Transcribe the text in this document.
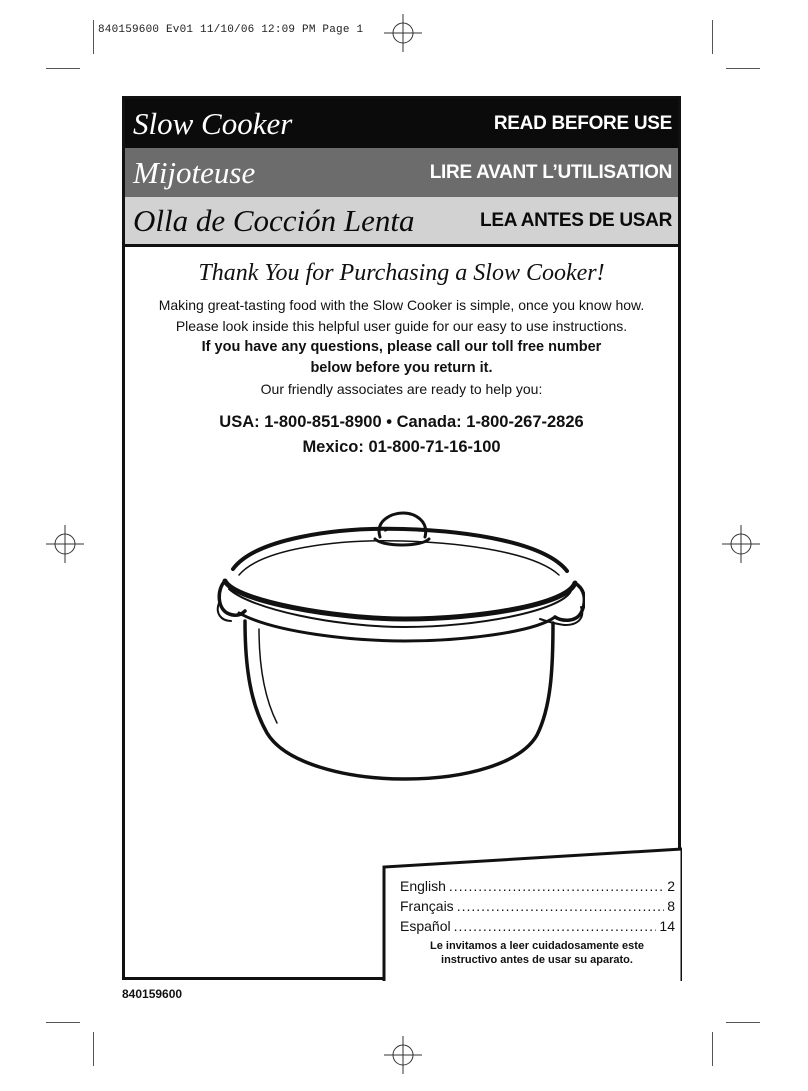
840159600 Ev01 11/10/06 12:09 PM Page 1
Slow Cooker	READ BEFORE USE
Mijoteuse	LIRE AVANT L’UTILISATION
Olla de Cocción Lenta	LEA ANTES DE USAR
Thank You for Purchasing a Slow Cooker!
Making great-tasting food with the Slow Cooker is simple, once you know how.
Please look inside this helpful user guide for our easy to use instructions.
If you have any questions, please call our toll free number
below before you return it.
Our friendly associates are ready to help you:
USA: 1-800-851-8900 • Canada: 1-800-267-2826
Mexico: 01-800-71-16-100
English .....	2
Français .....	8
Español .....	14
Le invitamos a leer cuidadosamente este
instructivo antes de usar su aparato.
840159600
